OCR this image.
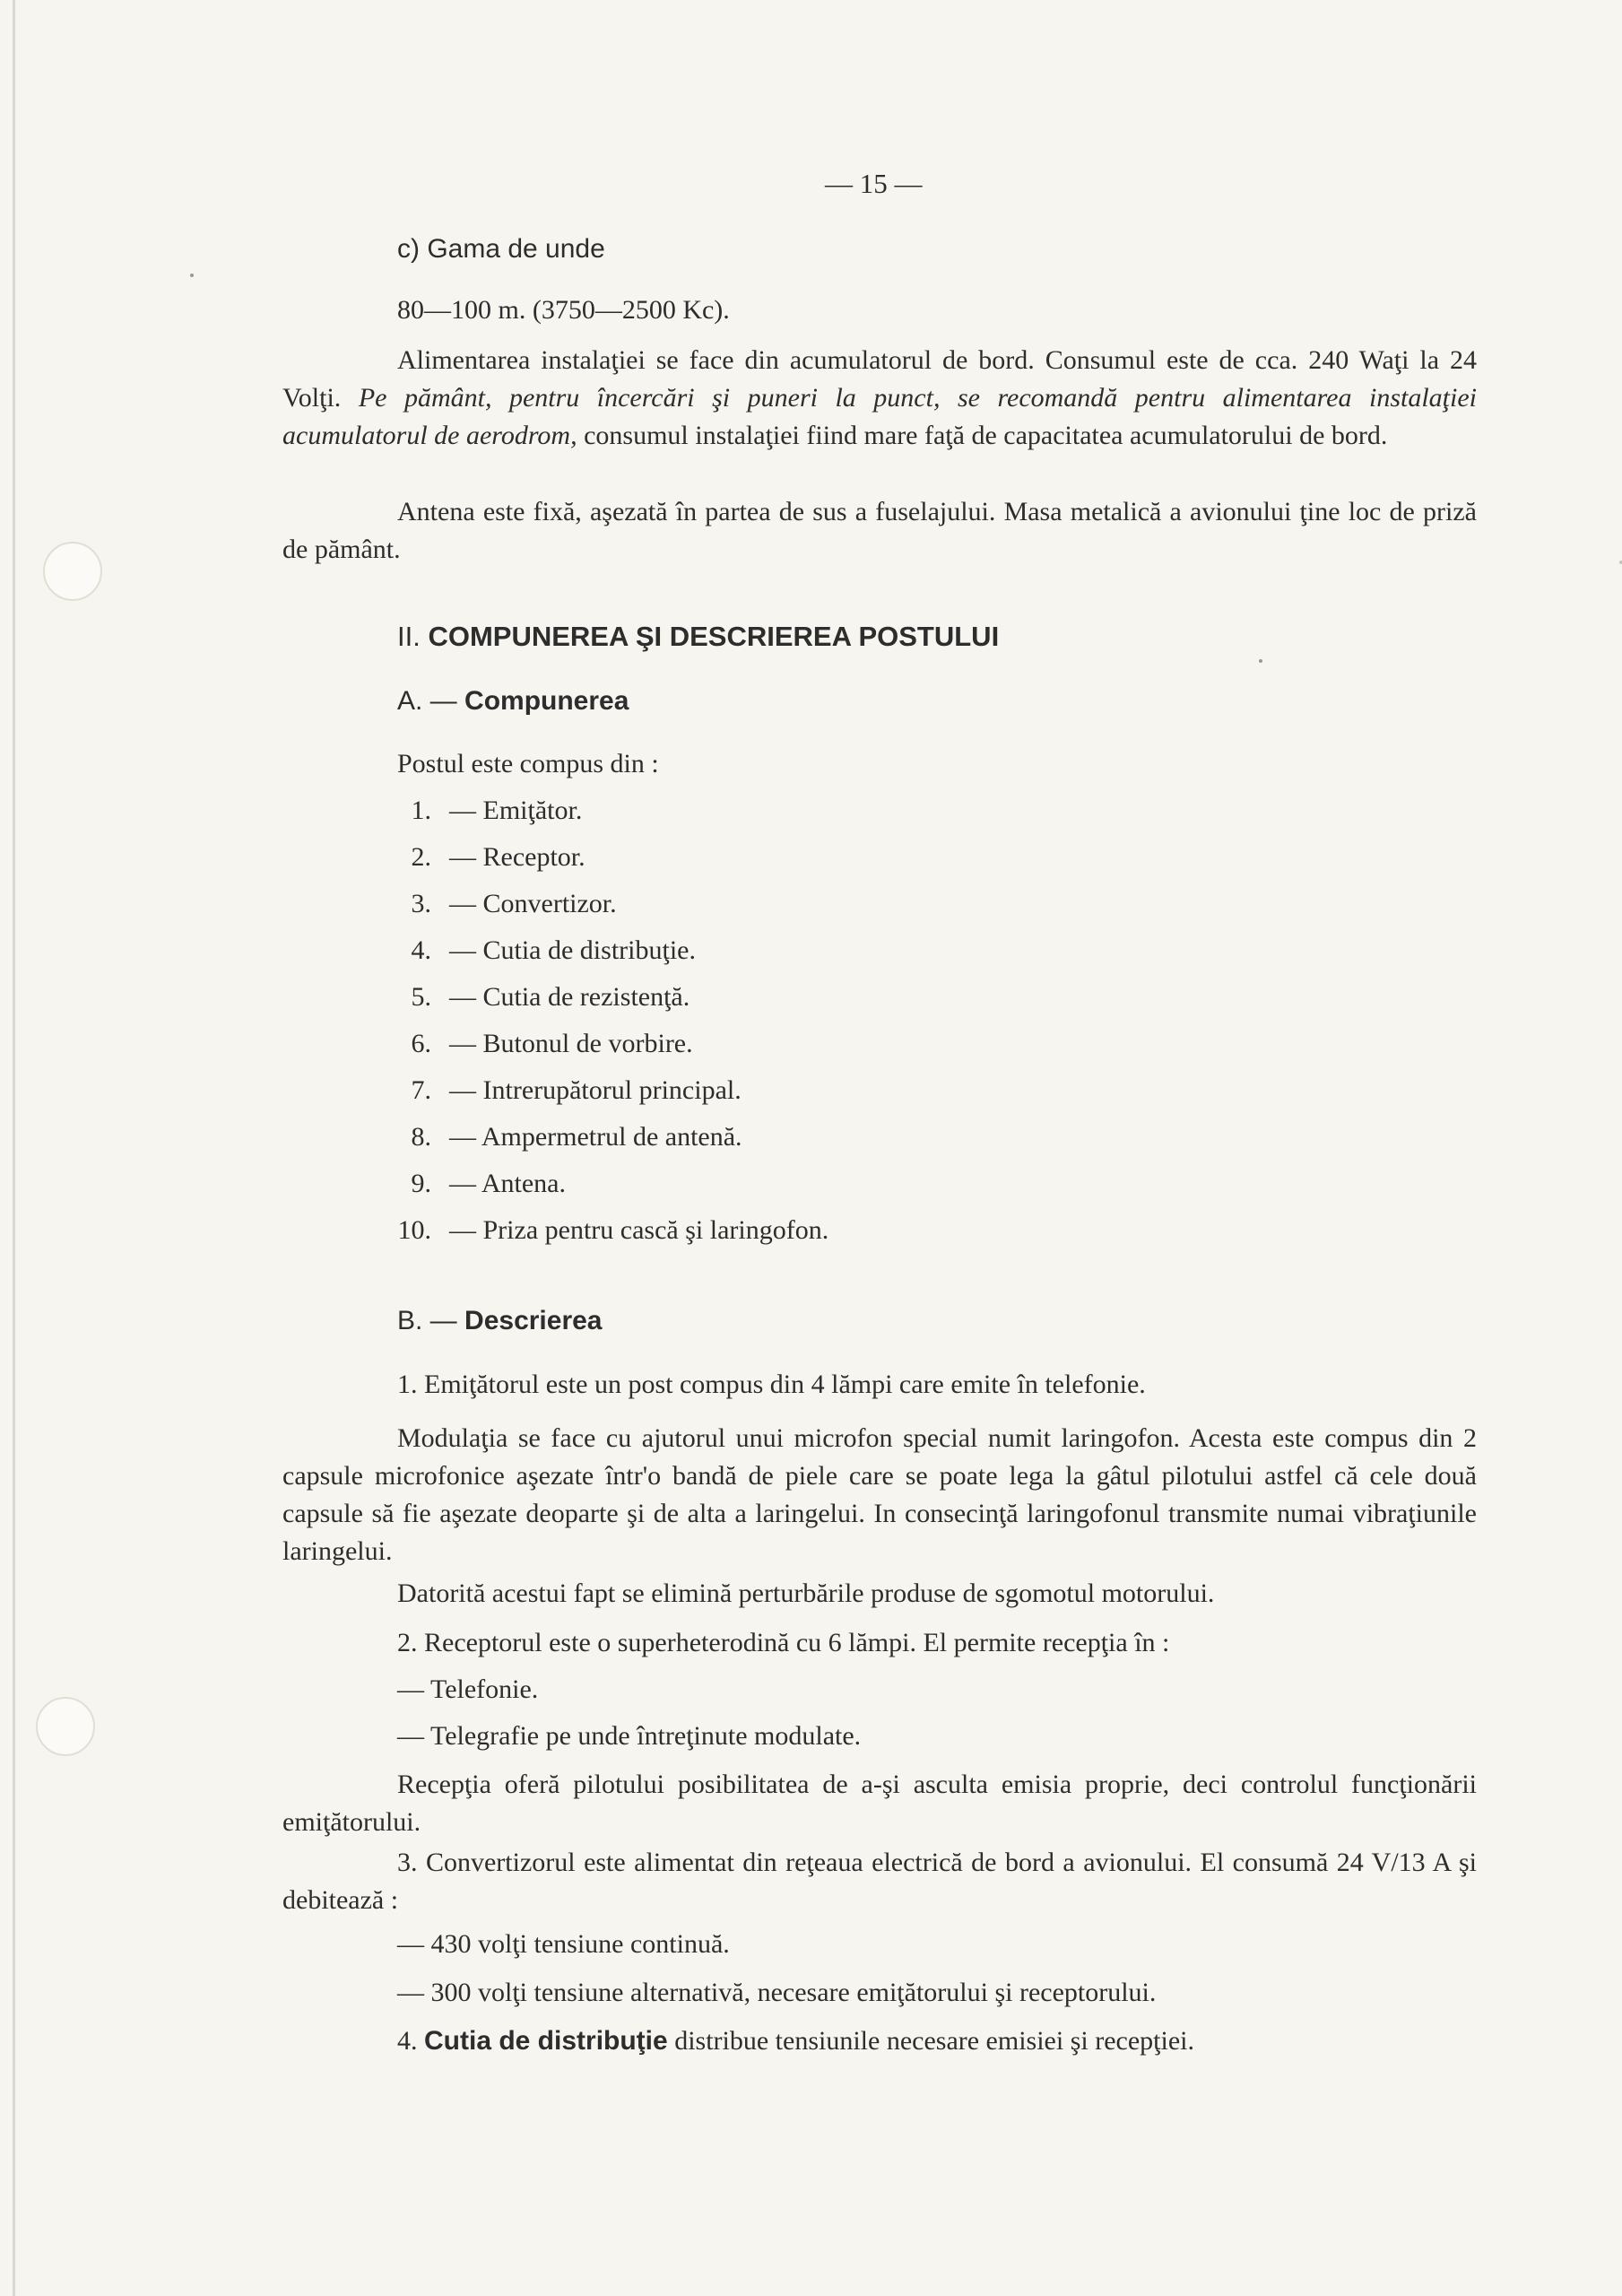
— 15 —
c) Gama de unde
80—100 m. (3750—2500 Kc).
Alimentarea instalaţiei se face din acumulatorul de bord. Consumul este de cca. 240 Waţi la 24 Volţi. Pe pământ, pentru încercări şi puneri la punct, se recomandă pentru alimentarea instalaţiei acumulatorul de aerodrom, consumul instalaţiei fiind mare faţă de capacitatea acumulatorului de bord.
Antena este fixă, aşezată în partea de sus a fuselajului. Masa metalică a avionului ţine loc de priză de pământ.
II. COMPUNEREA ŞI DESCRIEREA POSTULUI
A. — Compunerea
Postul este compus din :
1. — Emiţător.
2. — Receptor.
3. — Convertizor.
4. — Cutia de distribuţie.
5. — Cutia de rezistenţă.
6. — Butonul de vorbire.
7. — Intrerupătorul principal.
8. — Ampermetrul de antenă.
9. — Antena.
10. — Priza pentru cască şi laringofon.
B. — Descrierea
1. Emiţătorul este un post compus din 4 lămpi care emite în telefonie.
Modulaţia se face cu ajutorul unui microfon special numit laringofon. Acesta este compus din 2 capsule microfonice aşezate într'o bandă de piele care se poate lega la gâtul pilotului astfel că cele două capsule să fie aşezate deoparte şi de alta a laringelui. In consecinţă laringofonul transmite numai vibraţiunile laringelui.
Datorită acestui fapt se elimină perturbările produse de sgomotul motorului.
2. Receptorul este o superheterodină cu 6 lămpi. El permite recepţia în :
— Telefonie.
— Telegrafie pe unde întreţinute modulate.
Recepţia oferă pilotului posibilitatea de a-şi asculta emisia proprie, deci controlul funcţionării emiţătorului.
3. Convertizorul este alimentat din reţeaua electrică de bord a avionului. El consumă 24 V/13 A şi debitează :
— 430 volţi tensiune continuă.
— 300 volţi tensiune alternativă, necesare emiţătorului şi receptorului.
4. Cutia de distribuţie distribue tensiunile necesare emisiei şi recepţiei.
